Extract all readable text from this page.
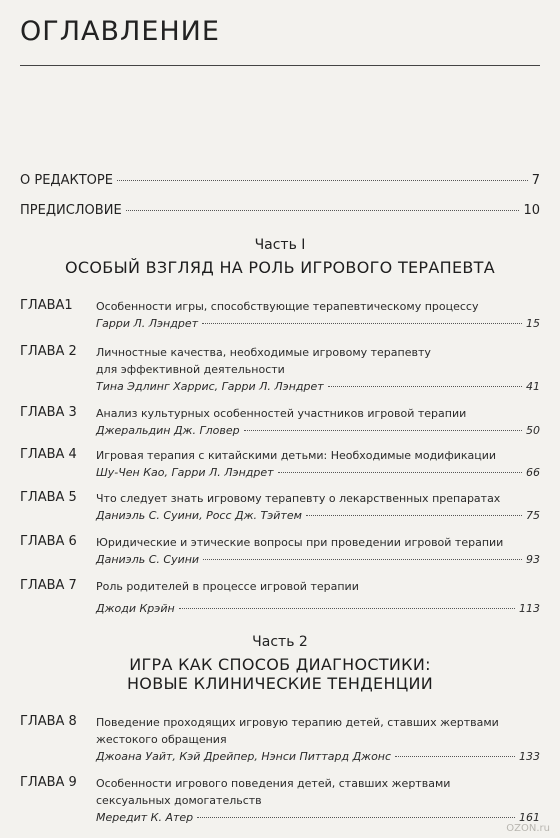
ОГЛАВЛЕНИЕ
О РЕДАКТОРЕ	7
ПРЕДИСЛОВИЕ	10
Часть I
ОСОБЫЙ ВЗГЛЯД НА РОЛЬ ИГРОВОГО ТЕРАПЕВТА
ГЛАВА1 Особенности игры, способствующие терапевтическому процессу
Гарри Л. Лэндрет	15
ГЛАВА 2 Личностные качества, необходимые игровому терапевту
для эффективной деятельности
Тина Эдлинг Харрис, Гарри Л. Лэндрет	41
ГЛАВА 3 Анализ культурных особенностей участников игровой терапии
Джеральдин Дж. Гловер	50
ГЛАВА 4 Игровая терапия с китайскими детьми: Необходимые модификации
Шу-Чен Као, Гарри Л. Лэндрет	66
ГЛАВА 5 Что следует знать игровому терапевту о лекарственных препаратах
Даниэль С. Суини, Росс Дж. Тэйтем	75
ГЛАВА 6 Юридические и этические вопросы при проведении игровой терапии
Даниэль С. Суини	93
ГЛАВА 7 Роль родителей в процессе игровой терапии
Джоди Крэйн	113
Часть 2
ИГРА КАК СПОСОБ ДИАГНОСТИКИ:
НОВЫЕ КЛИНИЧЕСКИЕ ТЕНДЕНЦИИ
ГЛАВА 8 Поведение проходящих игровую терапию детей, ставших жертвами
жестокого обращения
Джоана Уайт, Кэй Дрейпер, Нэнси Питтард Джонс	133
ГЛАВА 9 Особенности игрового поведения детей, ставших жертвами
сексуальных домогательств
Мередит К. Атер	161
OZON.ru
